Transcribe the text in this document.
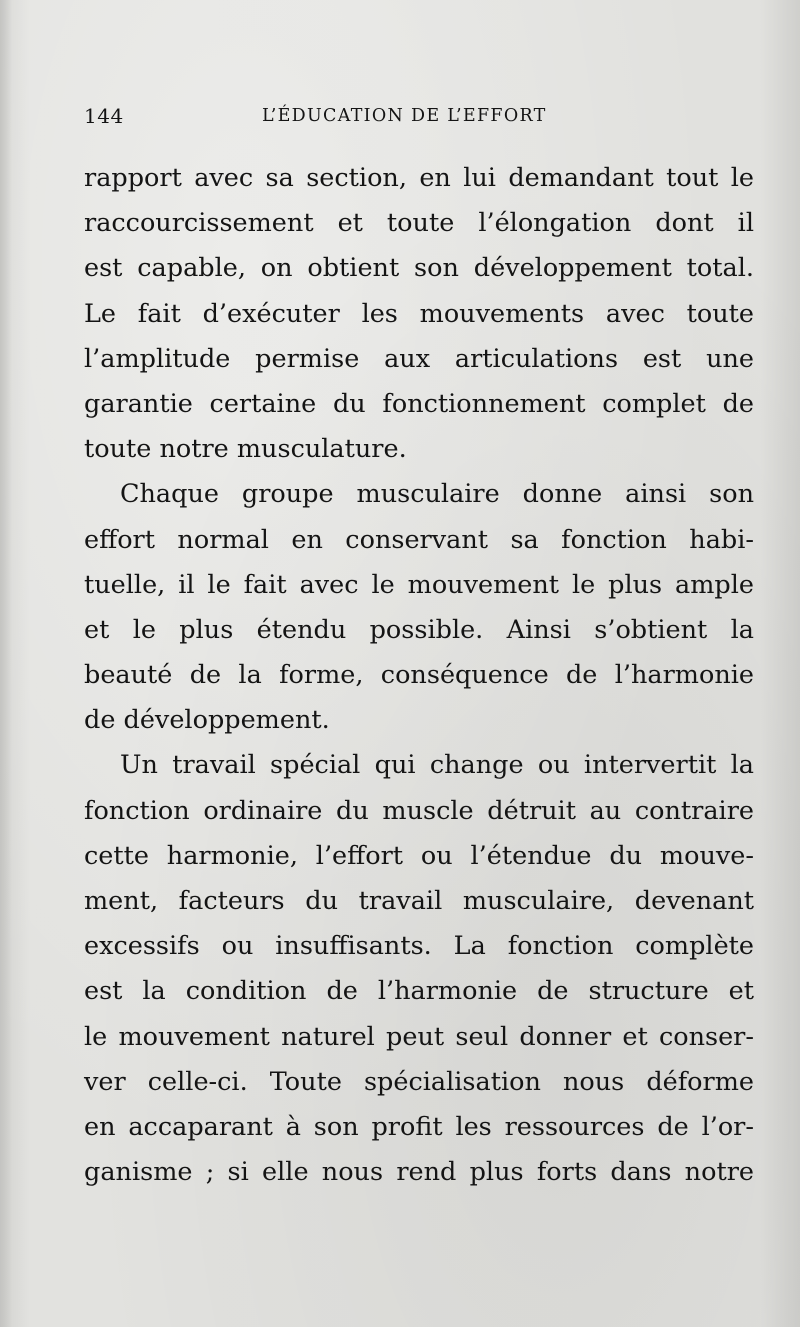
144	L’ÉDUCATION DE L’EFFORT
rapport avec sa section, en lui demandant tout le
raccourcissement et toute l’élongation dont il
est capable, on obtient son développement total.
Le fait d’exécuter les mouvements avec toute
l’amplitude permise aux articulations est une
garantie certaine du fonctionnement complet de
toute notre musculature.
Chaque groupe musculaire donne ainsi son
effort normal en conservant sa fonction habi-
tuelle, il le fait avec le mouvement le plus ample
et le plus étendu possible. Ainsi s’obtient la
beauté de la forme, conséquence de l’harmonie
de développement.
Un travail spécial qui change ou intervertit la
fonction ordinaire du muscle détruit au contraire
cette harmonie, l’effort ou l’étendue du mouve-
ment, facteurs du travail musculaire, devenant
excessifs ou insuffisants. La fonction complète
est la condition de l’harmonie de structure et
le mouvement naturel peut seul donner et conser-
ver celle-ci. Toute spécialisation nous déforme
en accaparant à son profit les ressources de l’or-
ganisme ; si elle nous rend plus forts dans notre
